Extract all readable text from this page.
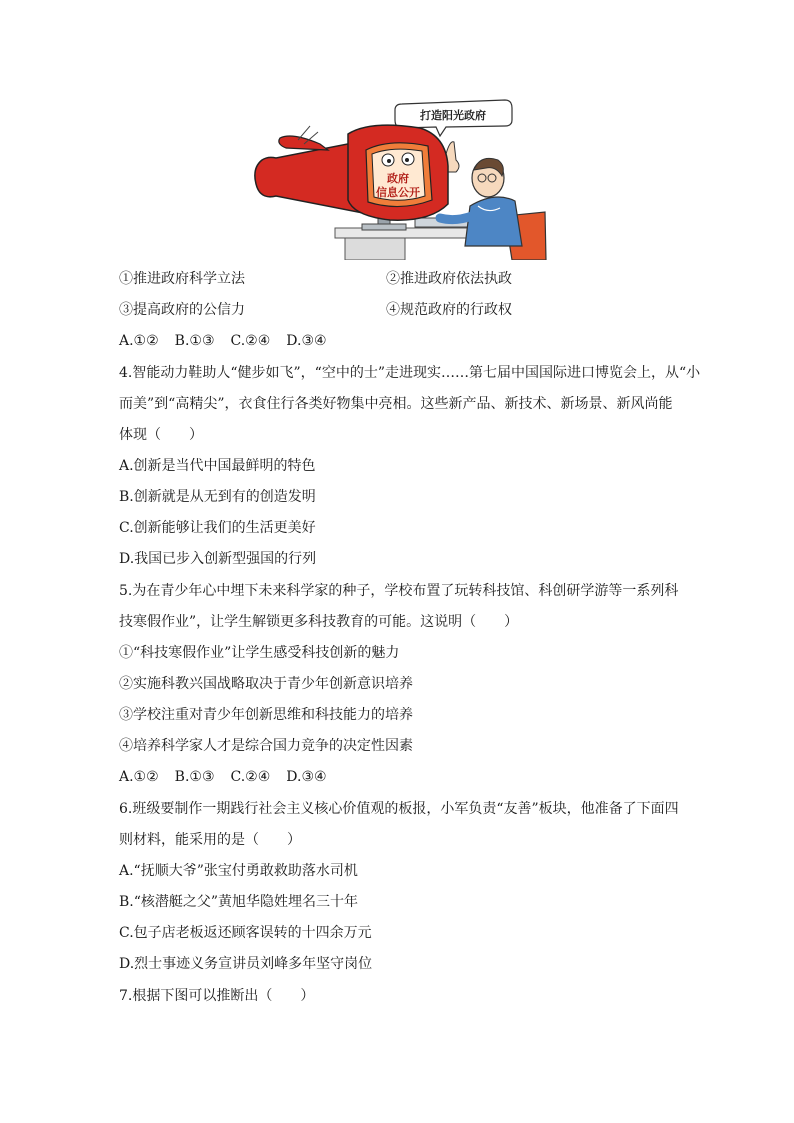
打造阳光政府
政府
信息公开
①推进政府科学立法	②推进政府依法执政
③提高政府的公信力	④规范政府的行政权
A.①② B.①③ C.②④ D.③④
4.智能动力鞋助人“健步如飞”，“空中的士”走进现实……第七届中国国际进口博览会上，从“小
而美”到“高精尖”，衣食住行各类好物集中亮相。这些新产品、新技术、新场景、新风尚能
体现（　　）
A.创新是当代中国最鲜明的特色
B.创新就是从无到有的创造发明
C.创新能够让我们的生活更美好
D.我国已步入创新型强国的行列
5.为在青少年心中埋下未来科学家的种子，学校布置了玩转科技馆、科创研学游等一系列科
技寒假作业”，让学生解锁更多科技教育的可能。这说明（　　）
①“科技寒假作业”让学生感受科技创新的魅力
②实施科教兴国战略取决于青少年创新意识培养
③学校注重对青少年创新思维和科技能力的培养
④培养科学家人才是综合国力竞争的决定性因素
A.①② B.①③ C.②④ D.③④
6.班级要制作一期践行社会主义核心价值观的板报，小军负责“友善”板块，他准备了下面四
则材料，能采用的是（　　）
A.“抚顺大爷”张宝付勇敢救助落水司机
B.“核潜艇之父”黄旭华隐姓埋名三十年
C.包子店老板返还顾客误转的十四余万元
D.烈士事迹义务宣讲员刘峰多年坚守岗位
7.根据下图可以推断出（　　）
